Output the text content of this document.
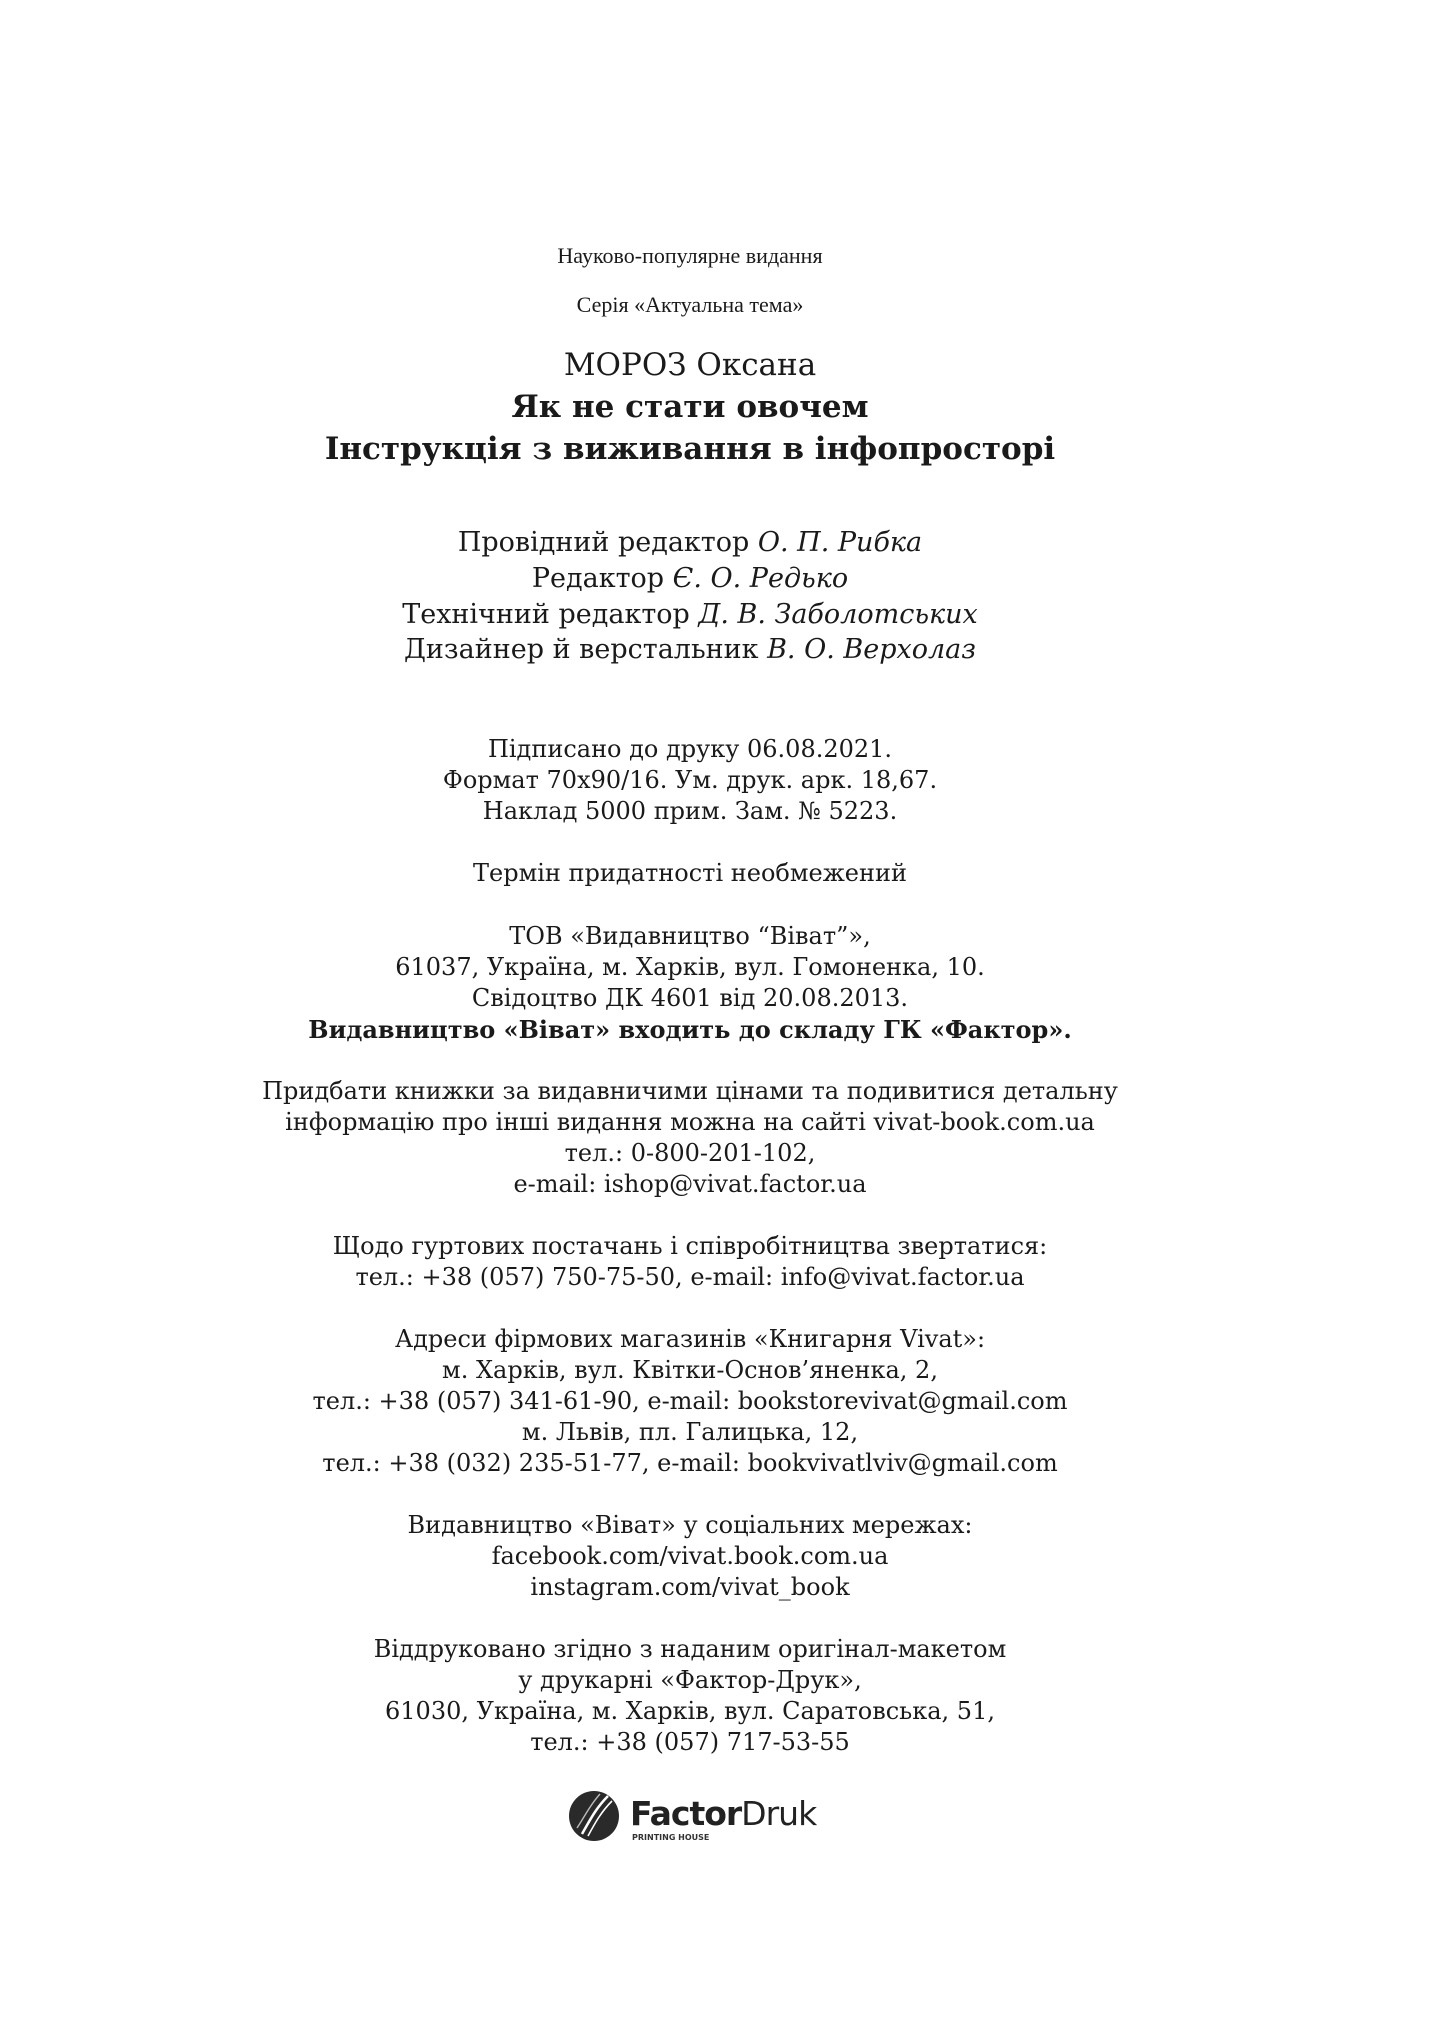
Науково-популярне видання
Серія «Актуальна тема»
МОРОЗ Оксана
Як не стати овочем
Інструкція з виживання в інфопросторі
Провідний редактор О. П. Рибка
Редактор Є. О. Редько
Технічний редактор Д. В. Заболотських
Дизайнер й верстальник В. О. Верхолаз
Підписано до друку 06.08.2021.
Формат 70х90/16. Ум. друк. арк. 18,67.
Наклад 5000 прим. Зам. № 5223.
Термін придатності необмежений
ТОВ «Видавництво “Віват”»,
61037, Україна, м. Харків, вул. Гомоненка, 10.
Свідоцтво ДК 4601 від 20.08.2013.
Видавництво «Віват» входить до складу ГК «Фактор».
Придбати книжки за видавничими цінами та подивитися детальну
інформацію про інші видання можна на сайті vivat-book.com.ua
тел.: 0-800-201-102,
e-mail: ishop@vivat.factor.ua
Щодо гуртових постачань і співробітництва звертатися:
тел.: +38 (057) 750-75-50, e-mail: info@vivat.factor.ua
Адреси фірмових магазинів «Книгарня Vivat»:
м. Харків, вул. Квітки-Основ’яненка, 2,
тел.: +38 (057) 341-61-90, e-mail: bookstorevivat@gmail.com
м. Львів, пл. Галицька, 12,
тел.: +38 (032) 235-51-77, e-mail: bookvivatlviv@gmail.com
Видавництво «Віват» у соціальних мережах:
facebook.com/vivat.book.com.ua
instagram.com/vivat_book
Віддруковано згідно з наданим оригінал-макетом
у друкарні «Фактор-Друк»,
61030, Україна, м. Харків, вул. Саратовська, 51,
тел.: +38 (057) 717-53-55
FactorDruk
PRINTING HOUSE
